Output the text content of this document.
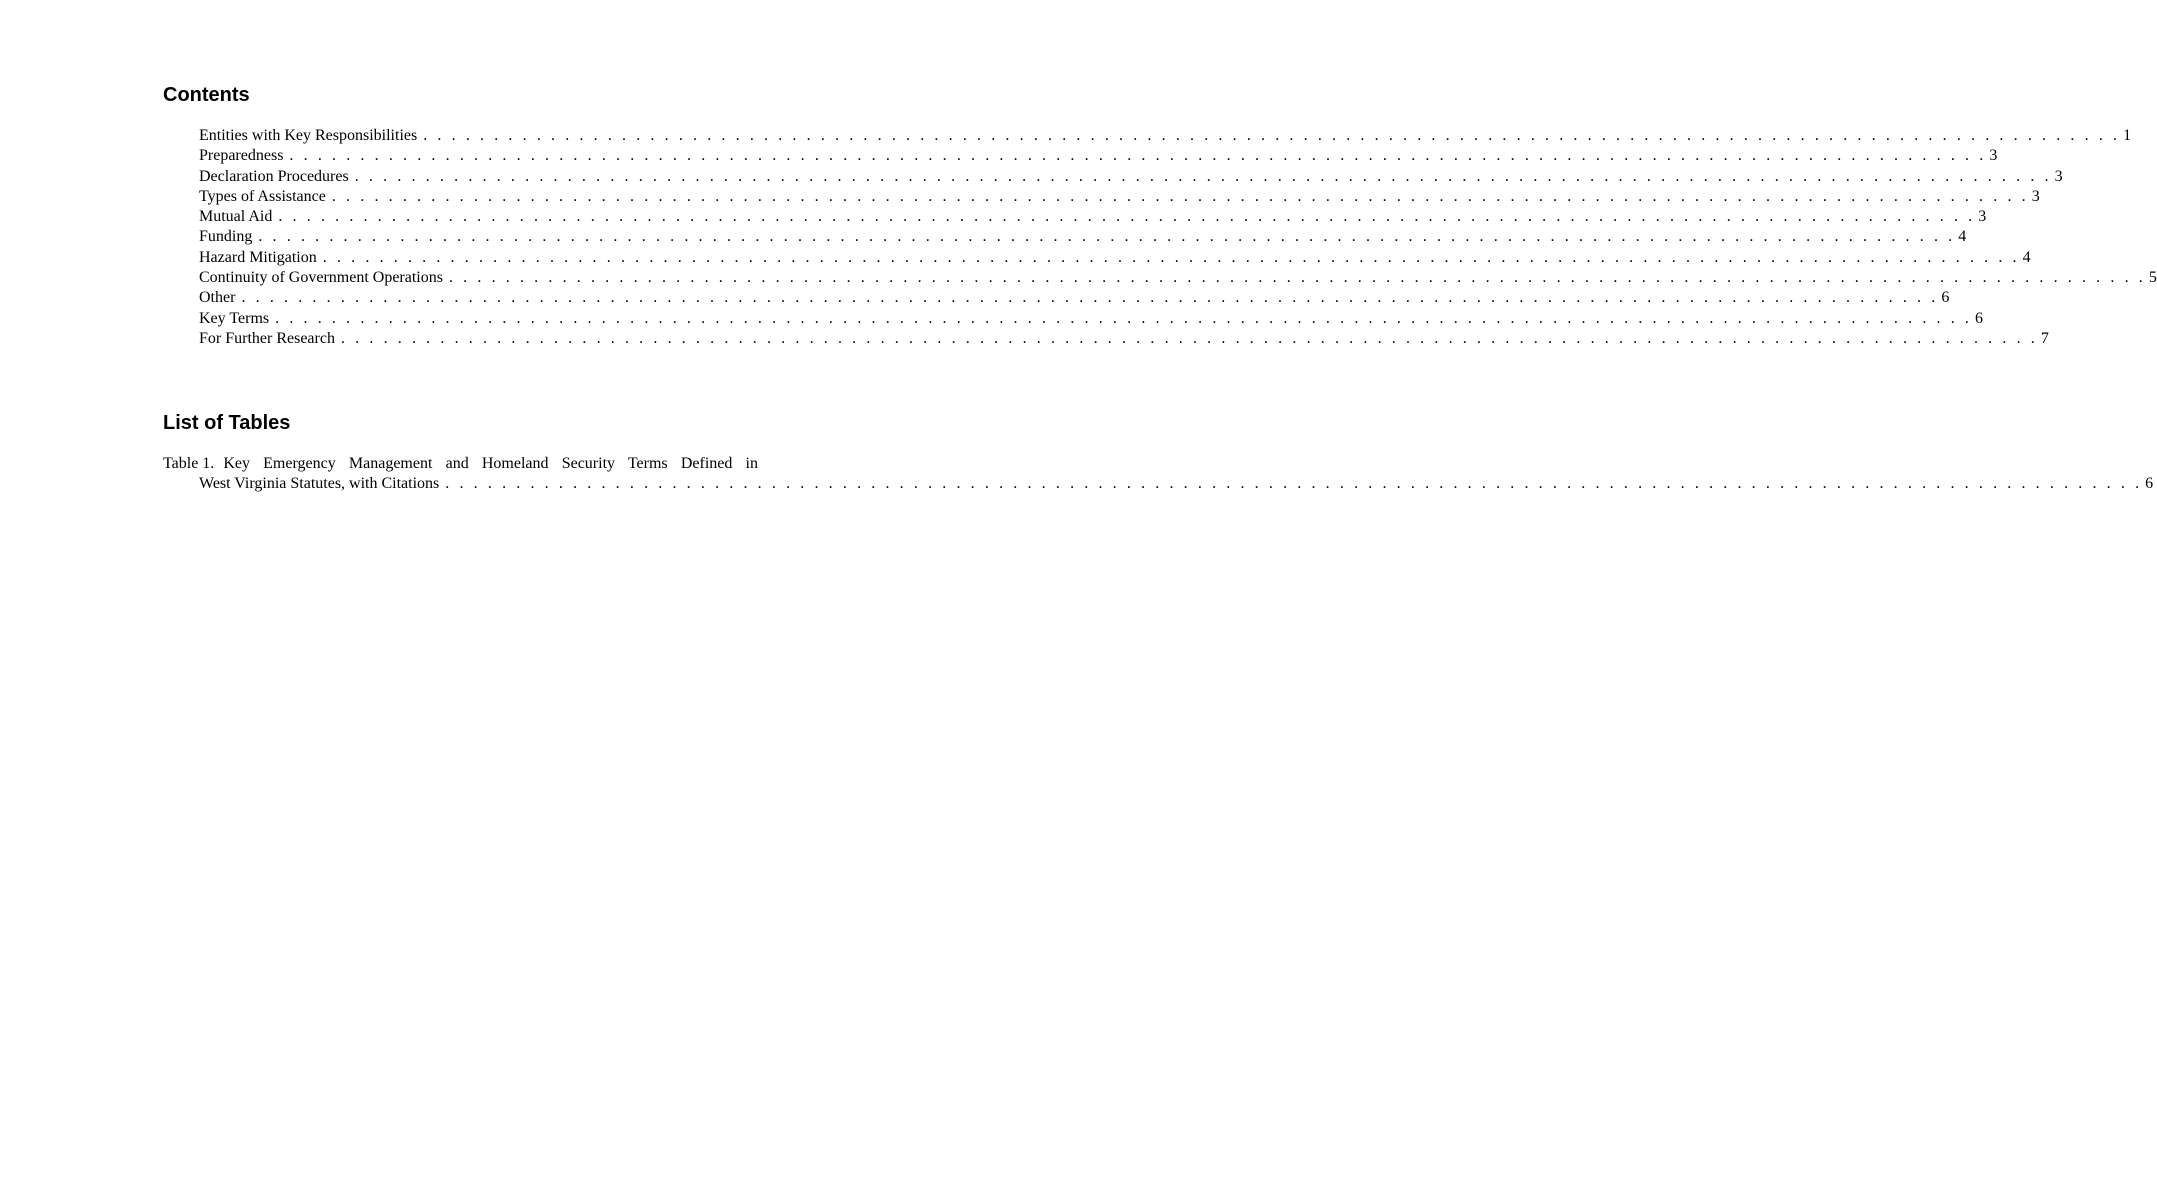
Contents
Entities with Key Responsibilities . . . . . . . . . . . . . . . . . . . . . . . . . . . . . . . . . . . . . . . . . . . . . . . . . . . . . . . . . . . . . . . . . . . . . . . . . . . . . . . . . . . . . . . . . . . . . . . . . . . . . . . . . . . . . . . . . . . . . . . . 1
Preparedness . . . . . . . . . . . . . . . . . . . . . . . . . . . . . . . . . . . . . . . . . . . . . . . . . . . . . . . . . . . . . . . . . . . . . . . . . . . . . . . . . . . . . . . . . . . . . . . . . . . . . . . . . . . . . . . . . . . . . . . . 3
Declaration Procedures . . . . . . . . . . . . . . . . . . . . . . . . . . . . . . . . . . . . . . . . . . . . . . . . . . . . . . . . . . . . . . . . . . . . . . . . . . . . . . . . . . . . . . . . . . . . . . . . . . . . . . . . . . . . . . . . . . . . . . . . 3
Types of Assistance . . . . . . . . . . . . . . . . . . . . . . . . . . . . . . . . . . . . . . . . . . . . . . . . . . . . . . . . . . . . . . . . . . . . . . . . . . . . . . . . . . . . . . . . . . . . . . . . . . . . . . . . . . . . . . . . . . . . . . . . 3
Mutual Aid . . . . . . . . . . . . . . . . . . . . . . . . . . . . . . . . . . . . . . . . . . . . . . . . . . . . . . . . . . . . . . . . . . . . . . . . . . . . . . . . . . . . . . . . . . . . . . . . . . . . . . . . . . . . . . . . . . . . . . . . 3
Funding . . . . . . . . . . . . . . . . . . . . . . . . . . . . . . . . . . . . . . . . . . . . . . . . . . . . . . . . . . . . . . . . . . . . . . . . . . . . . . . . . . . . . . . . . . . . . . . . . . . . . . . . . . . . . . . . . . . . . . . . 4
Hazard Mitigation . . . . . . . . . . . . . . . . . . . . . . . . . . . . . . . . . . . . . . . . . . . . . . . . . . . . . . . . . . . . . . . . . . . . . . . . . . . . . . . . . . . . . . . . . . . . . . . . . . . . . . . . . . . . . . . . . . . . . . . . 4
Continuity of Government Operations . . . . . . . . . . . . . . . . . . . . . . . . . . . . . . . . . . . . . . . . . . . . . . . . . . . . . . . . . . . . . . . . . . . . . . . . . . . . . . . . . . . . . . . . . . . . . . . . . . . . . . . . . . . . . . . . . . . . . . . . 5
Other . . . . . . . . . . . . . . . . . . . . . . . . . . . . . . . . . . . . . . . . . . . . . . . . . . . . . . . . . . . . . . . . . . . . . . . . . . . . . . . . . . . . . . . . . . . . . . . . . . . . . . . . . . . . . . . . . . . . . . . . 6
Key Terms . . . . . . . . . . . . . . . . . . . . . . . . . . . . . . . . . . . . . . . . . . . . . . . . . . . . . . . . . . . . . . . . . . . . . . . . . . . . . . . . . . . . . . . . . . . . . . . . . . . . . . . . . . . . . . . . . . . . . . . . 6
For Further Research . . . . . . . . . . . . . . . . . . . . . . . . . . . . . . . . . . . . . . . . . . . . . . . . . . . . . . . . . . . . . . . . . . . . . . . . . . . . . . . . . . . . . . . . . . . . . . . . . . . . . . . . . . . . . . . . . . . . . . . . 7
List of Tables
Table 1. Key Emergency Management and Homeland Security Terms Defined in
West Virginia Statutes, with Citations . . . . . . . . . . . . . . . . . . . . . . . . . . . . . . . . . . . . . . . . . . . . . . . . . . . . . . . . . . . . . . . . . . . . . . . . . . . . . . . . . . . . . . . . . . . . . . . . . . . . . . . . . . . . . . . . . . . . . . . . 6
